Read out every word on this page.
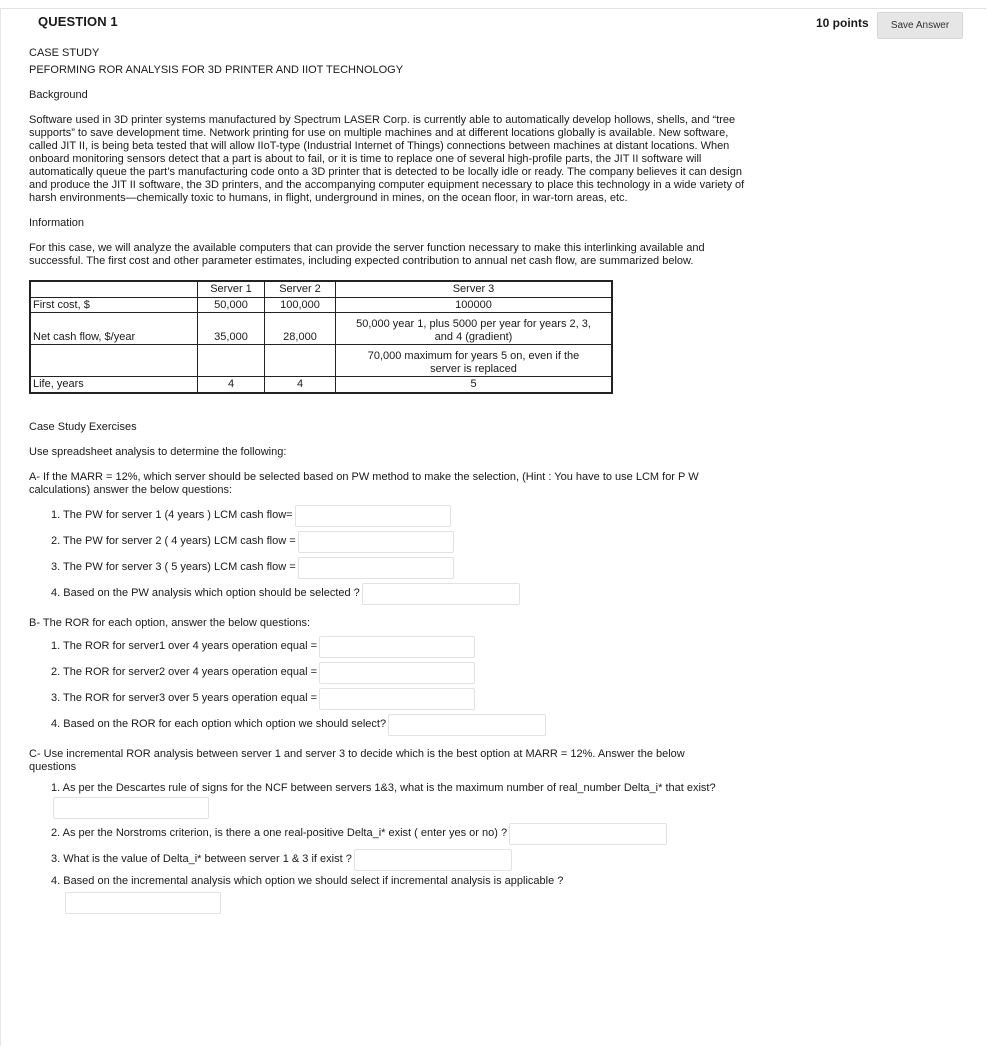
QUESTION 1	10 points	Save Answer

CASE STUDY

PEFORMING ROR ANALYSIS FOR 3D PRINTER AND IIOT TECHNOLOGY

Background

Software used in 3D printer systems manufactured by Spectrum LASER Corp. is currently able to automatically develop hollows, shells, and “tree supports” to save development time. Network printing for use on multiple machines and at different locations globally is available. New software, called JIT II, is being beta tested that will allow IIoT-type (Industrial Internet of Things) connections between machines at distant locations. When onboard monitoring sensors detect that a part is about to fail, or it is time to replace one of several high-profile parts, the JIT II software will automatically queue the part’s manufacturing code onto a 3D printer that is detected to be locally idle or ready. The company believes it can design and produce the JIT II software, the 3D printers, and the accompanying computer equipment necessary to place this technology in a wide variety of harsh environments—chemically toxic to humans, in flight, underground in mines, on the ocean floor, in war-torn areas, etc.

Information

For this case, we will analyze the available computers that can provide the server function necessary to make this interlinking available and successful. The first cost and other parameter estimates, including expected contribution to annual net cash flow, are summarized below.

	Server 1	Server 2	Server 3
First cost, $	50,000	100,000	100000
Net cash flow, $/year	35,000	28,000	50,000 year 1, plus 5000 per year for years 2, 3, and 4 (gradient)
			70,000 maximum for years 5 on, even if the server is replaced
Life, years	4	4	5

Case Study Exercises

Use spreadsheet analysis to determine the following:

A- If the MARR = 12%, which server should be selected based on PW method to make the selection, (Hint : You have to use LCM for P W calculations) answer the below questions:

1. The PW for server 1 (4 years ) LCM cash flow=
2. The PW for server 2 ( 4 years) LCM cash flow =
3. The PW for server 3 ( 5 years) LCM cash flow =
4. Based on the PW analysis which option should be selected ?

B- The ROR for each option, answer the below questions:

1. The ROR for server1 over 4 years operation equal =
2. The ROR for server2 over 4 years operation equal =
3. The ROR for server3 over 5 years operation equal =
4. Based on the ROR for each option which option we should select?

C- Use incremental ROR analysis between server 1 and server 3 to decide which is the best option at MARR = 12%. Answer the below questions

1. As per the Descartes rule of signs for the NCF between servers 1&3, what is the maximum number of real_number Delta_i* that exist?
2. As per the Norstroms criterion, is there a one real-positive Delta_i* exist ( enter yes or no) ?
3. What is the value of Delta_i* between server 1 & 3 if exist ?
4. Based on the incremental analysis which option we should select if incremental analysis is applicable ?
